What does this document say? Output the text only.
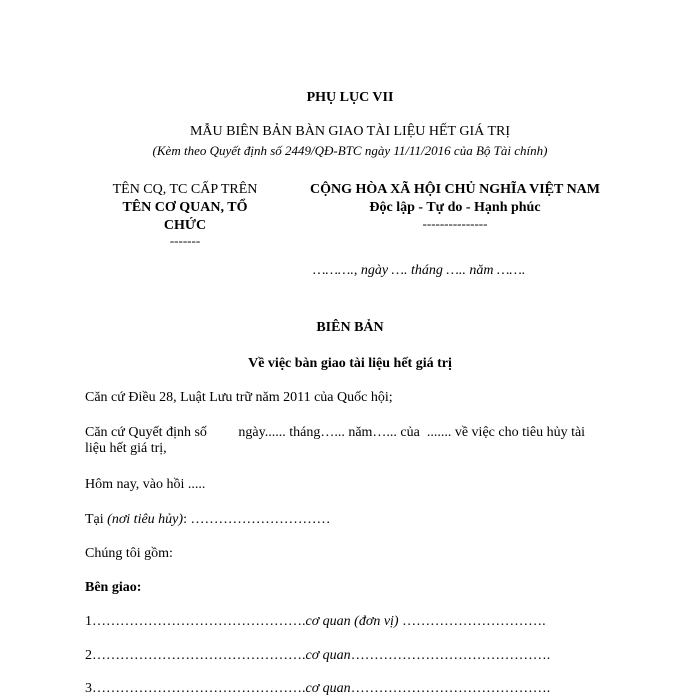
PHỤ LỤC VII
MẪU BIÊN BẢN BÀN GIAO TÀI LIỆU HẾT GIÁ TRỊ
(Kèm theo Quyết định số 2449/QĐ-BTC ngày 11/11/2016 của Bộ Tài chính)
TÊN CQ, TC CẤP TRÊN
TÊN CƠ QUAN, TỔ
CHỨC
-------
CỘNG HÒA XÃ HỘI CHỦ NGHĨA VIỆT NAM
Độc lập - Tự do - Hạnh phúc
---------------
………., ngày …. tháng ….. năm …….
BIÊN BẢN
Về việc bàn giao tài liệu hết giá trị
Căn cứ Điều 28, Luật Lưu trữ năm 2011 của Quốc hội;
Căn cứ Quyết định số         ngày...... tháng…... năm…... của  ....... về việc cho tiêu hủy tài
liệu hết giá trị,
Hôm nay, vào hồi .....
Tại (nơi tiêu hủy): …………………………
Chúng tôi gồm:
Bên giao:
1……………………………………….cơ quan (đơn vị) ………………………….
2……………………………………….cơ quan…………………………………….
3……………………………………….cơ quan…………………………………….
